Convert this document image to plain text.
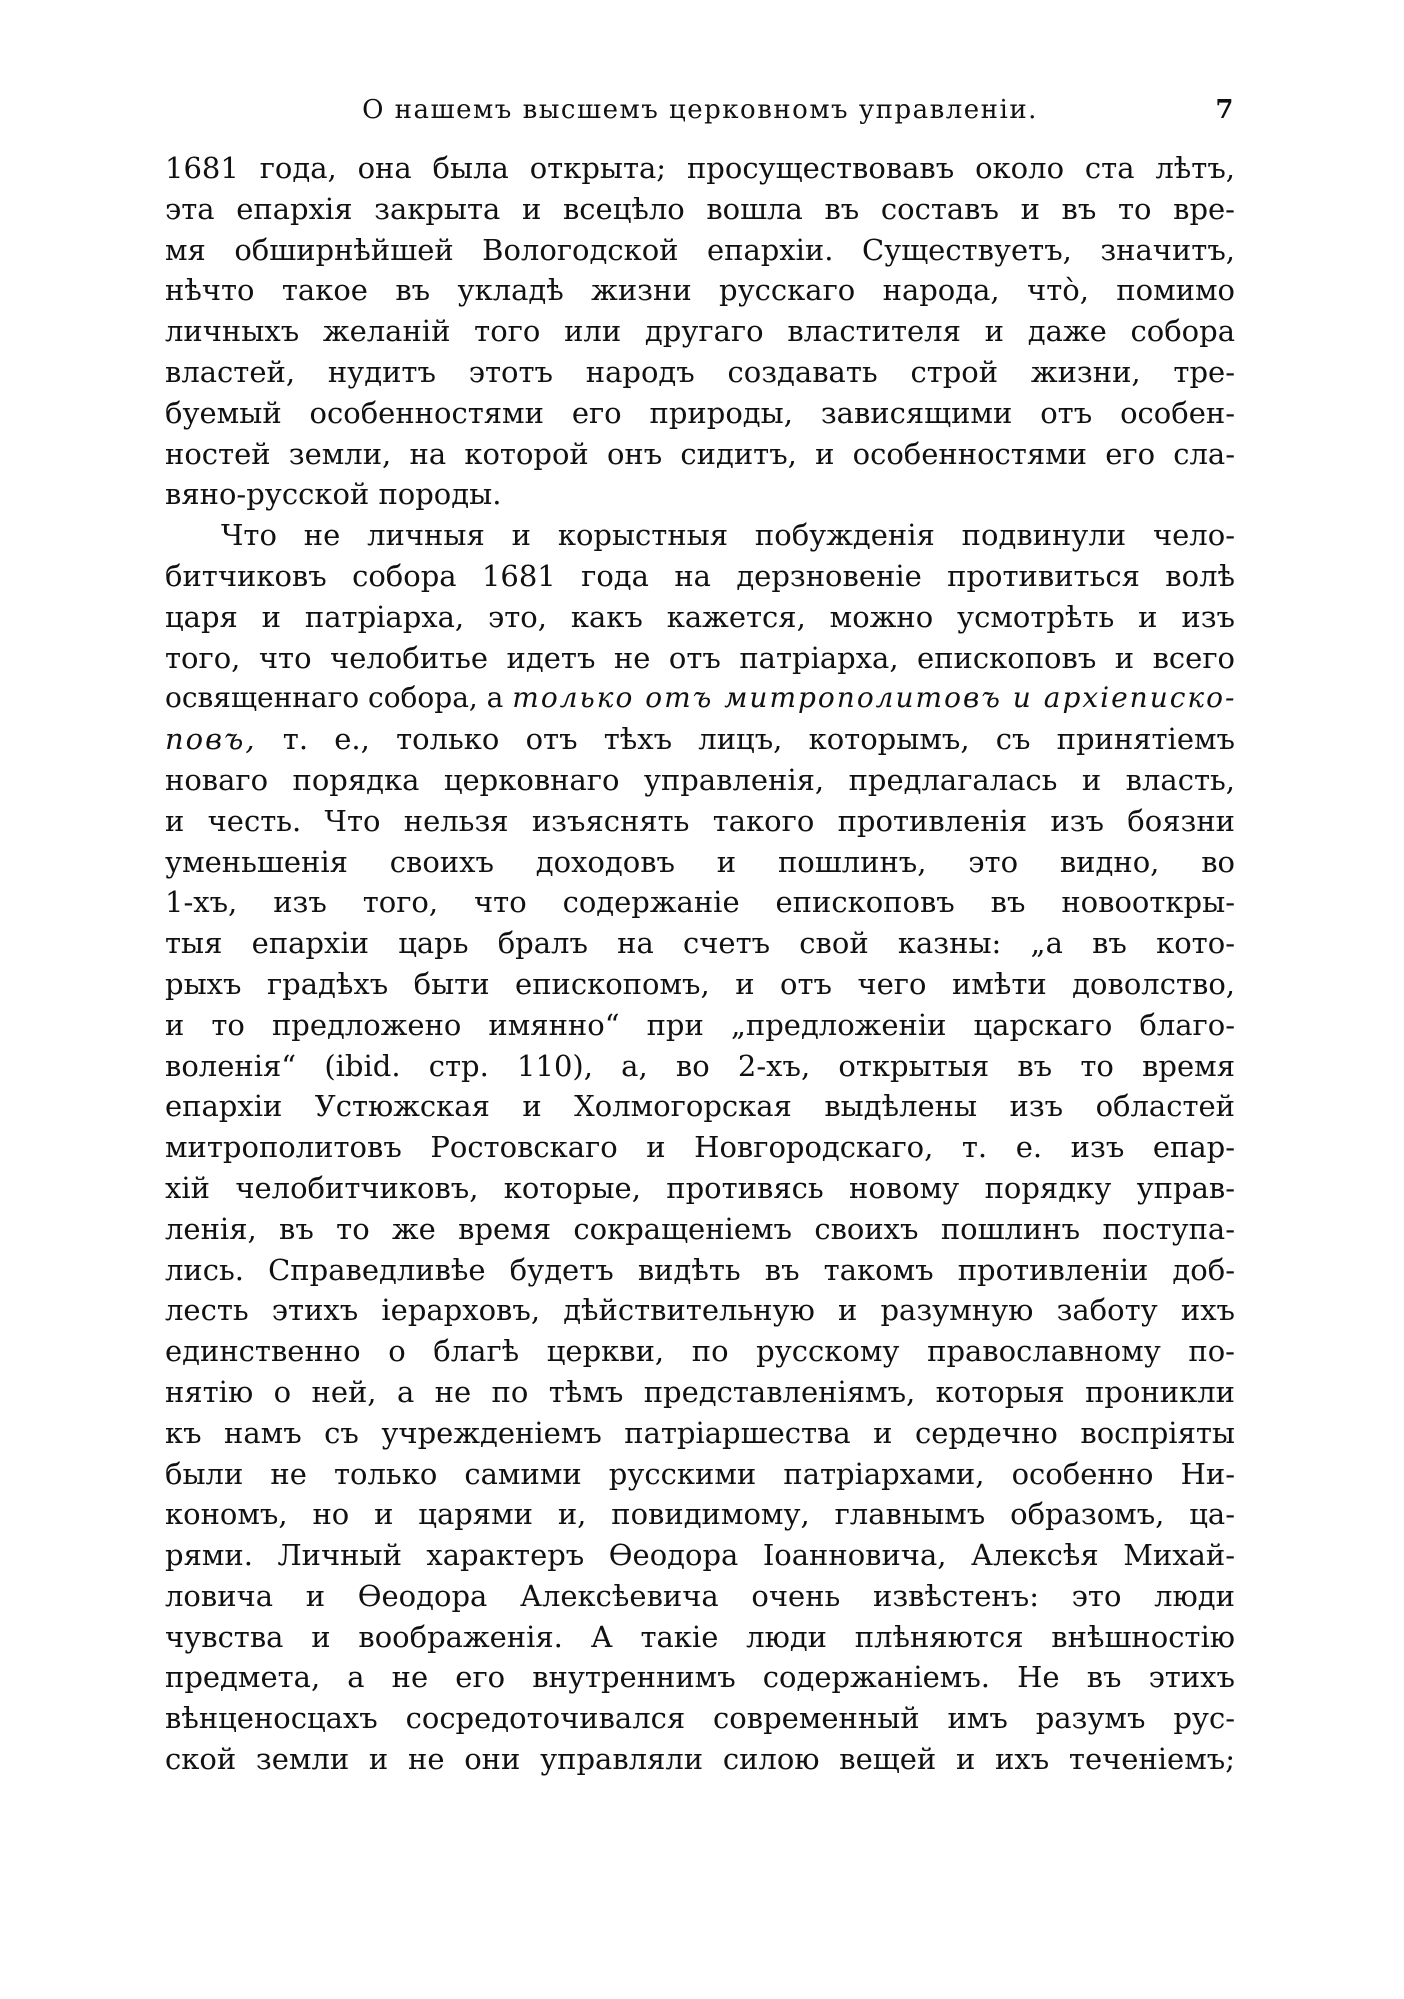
О нашемъ высшемъ церковномъ управленіи.	7
1681 года, она была открыта; просуществовавъ около ста лѣтъ,
эта епархія закрыта и всецѣло вошла въ составъ и въ то вре-
мя обширнѣйшей Вологодской епархіи. Существуетъ, значитъ,
нѣчто такое въ укладѣ жизни русскаго народа, что̀, помимо
личныхъ желаній того или другаго властителя и даже собора
властей, нудитъ этотъ народъ создавать строй жизни, тре-
буемый особенностями его природы, зависящими отъ особен-
ностей земли, на которой онъ сидитъ, и особенностями его сла-
вяно-русской породы.
Что не личныя и корыстныя побужденія подвинули чело-
битчиковъ собора 1681 года на дерзновеніе противиться волѣ
царя и патріарха, это, какъ кажется, можно усмотрѣть и изъ
того, что челобитье идетъ не отъ патріарха, епископовъ и всего
освященнаго собора, а только отъ митрополитовъ и архіеписко-
повъ, т. е., только отъ тѣхъ лицъ, которымъ, съ принятіемъ
новаго порядка церковнаго управленія, предлагалась и власть,
и честь. Что нельзя изъяснять такого противленія изъ боязни
уменьшенія своихъ доходовъ и пошлинъ, это видно, во
1-хъ, изъ того, что содержаніе епископовъ въ новооткры-
тыя епархіи царь бралъ на счетъ свой казны: „а въ кото-
рыхъ градѣхъ быти епископомъ, и отъ чего имѣти доволство,
и то предложено имянно“ при „предложеніи царскаго благо-
воленія“ (ibid. стр. 110), а, во 2-хъ, открытыя въ то время
епархіи Устюжская и Холмогорская выдѣлены изъ областей
митрополитовъ Ростовскаго и Новгородскаго, т. е. изъ епар-
хій челобитчиковъ, которые, противясь новому порядку управ-
ленія, въ то же время сокращеніемъ своихъ пошлинъ поступа-
лись. Справедливѣе будетъ видѣть въ такомъ противленіи доб-
лесть этихъ іерарховъ, дѣйствительную и разумную заботу ихъ
единственно о благѣ церкви, по русскому православному по-
нятію о ней, а не по тѣмъ представленіямъ, которыя проникли
къ намъ съ учрежденіемъ патріаршества и сердечно воспріяты
были не только самими русскими патріархами, особенно Ни-
кономъ, но и царями и, повидимому, главнымъ образомъ, ца-
рями. Личный характеръ Ѳеодора Іоанновича, Алексѣя Михай-
ловича и Ѳеодора Алексѣевича очень извѣстенъ: это люди
чувства и воображенія. А такіе люди плѣняются внѣшностію
предмета, а не его внутреннимъ содержаніемъ. Не въ этихъ
вѣнценосцахъ сосредоточивался современный имъ разумъ рус-
ской земли и не они управляли силою вещей и ихъ теченіемъ;
